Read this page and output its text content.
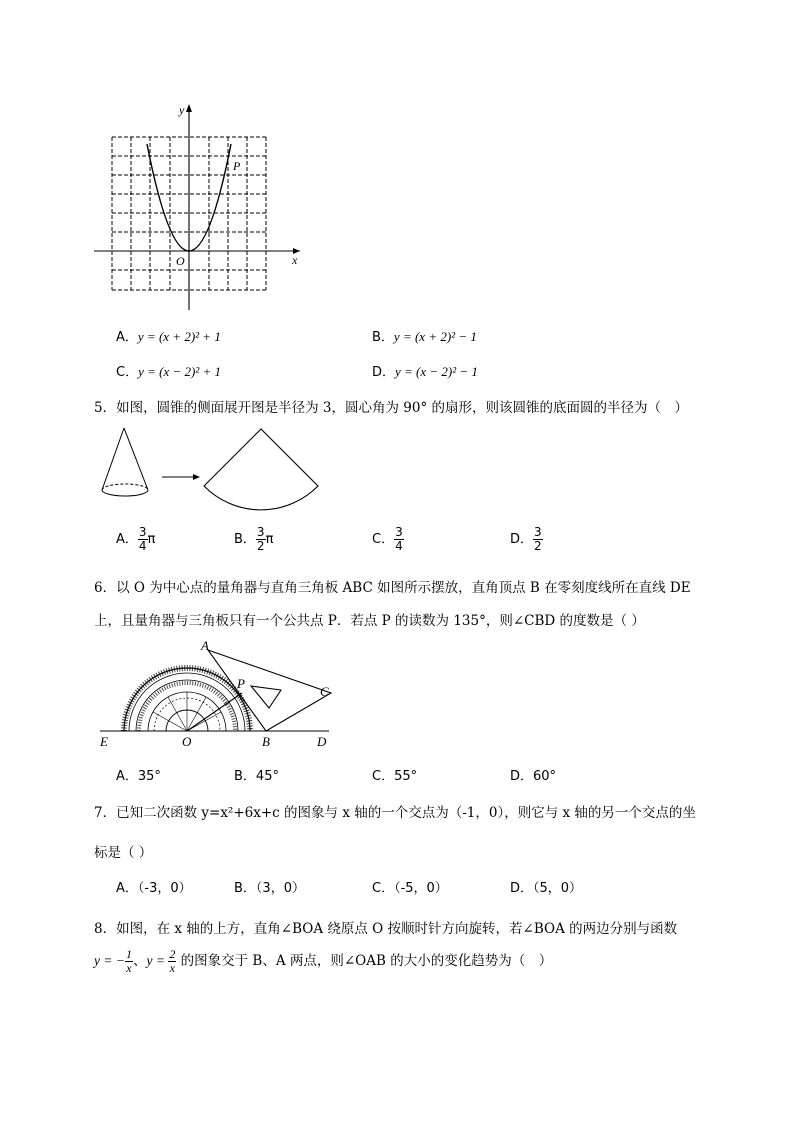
y
x
O
P
A．y = (x + 2)² + 1	B．y = (x + 2)² − 1
C．y = (x − 2)² + 1	D．y = (x − 2)² − 1
5．如图，圆锥的侧面展开图是半径为 3，圆心角为 90° 的扇形，则该圆锥的底面圆的半径为（　）
A． $\frac{3}{4}$ π	B． $\frac{3}{2}$ π	C． $\frac{3}{4}$	D． $\frac{3}{2}$
6．以 O 为中心点的量角器与直角三角板 ABC 如图所示摆放，直角顶点 B 在零刻度线所在直线 DE
上，且量角器与三角板只有一个公共点 P．若点 P 的读数为 135°，则∠CBD 的度数是（ ）
A
P
C
E	O	B	D
A．35°	B．45°	C．55°	D．60°
7．已知二次函数 y=x²+6x+c 的图象与 x 轴的一个交点为（-1，0），则它与 x 轴的另一个交点的坐
标是（ ）
A．（-3，0）	B．（3，0）	C．（-5，0）	D．（5，0）
8．如图，在 x 轴的上方，直角∠BOA 绕原点 O 按顺时针方向旋转，若∠BOA 的两边分别与函数
y = − $\frac{1}{x}$ 、$y = \frac{2}{x}$ 的图象交于 B、A 两点，则∠OAB 的大小的变化趋势为（　）
